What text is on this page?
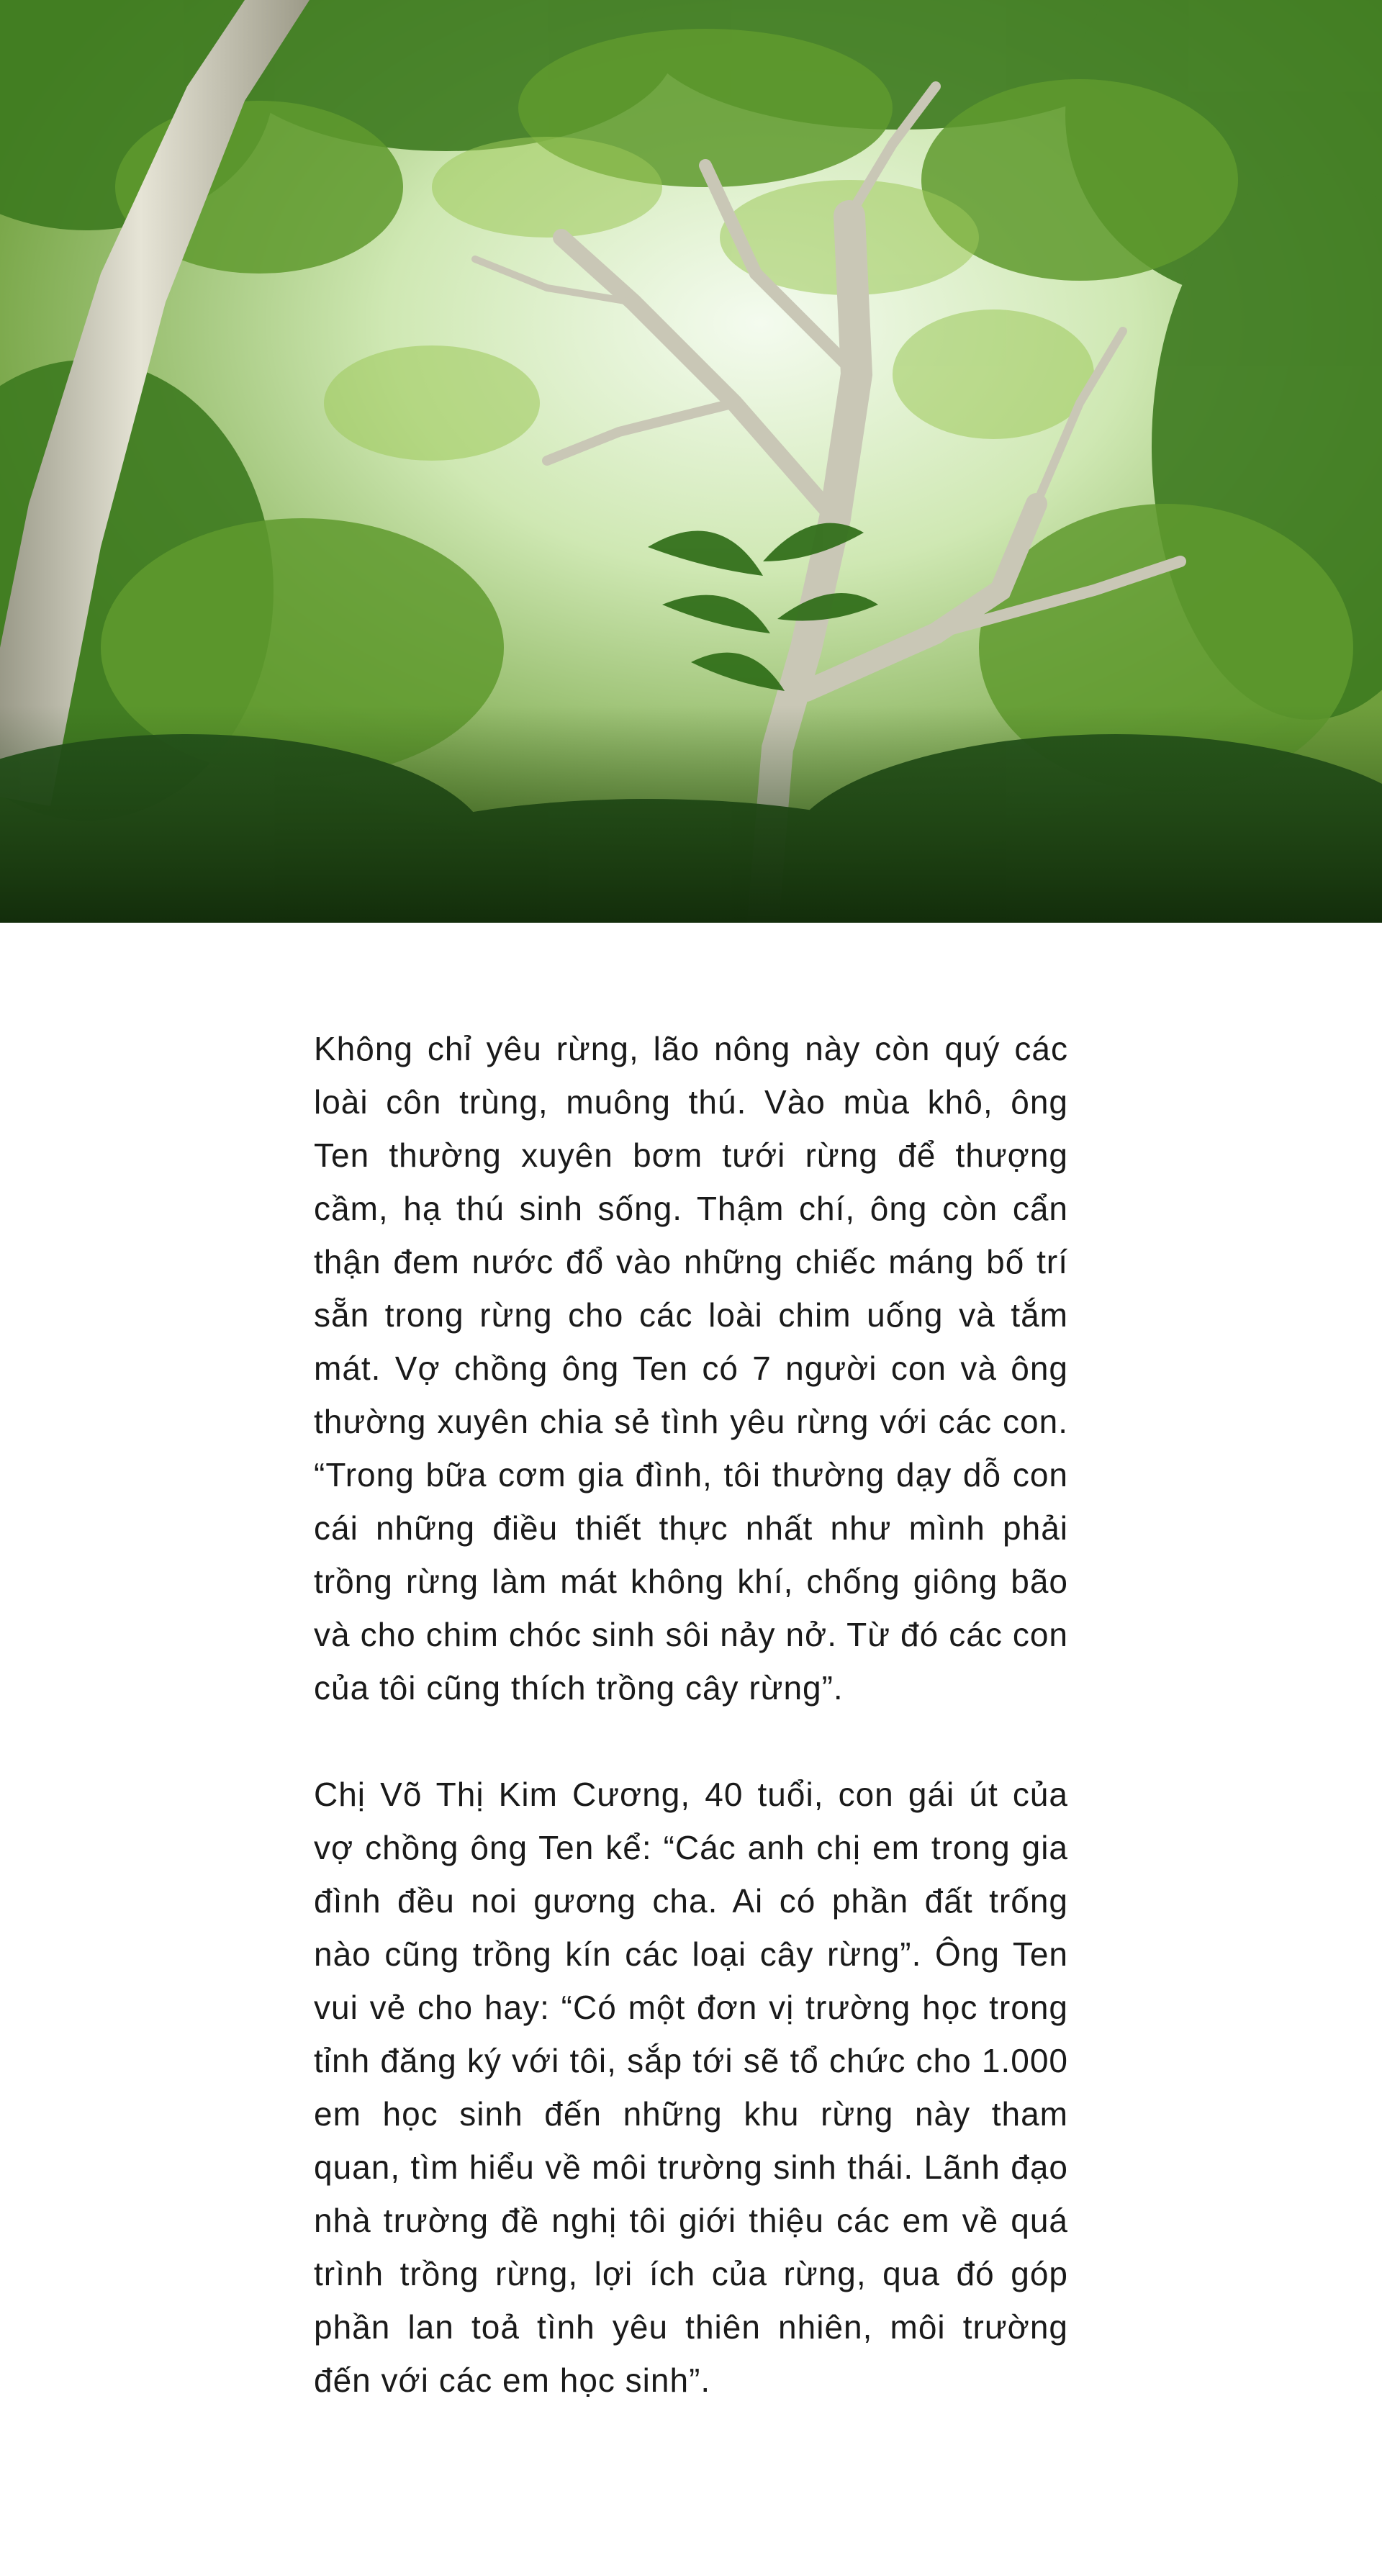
Không chỉ yêu rừng, lão nông này còn quý các loài côn trùng, muông thú. Vào mùa khô, ông Ten thường xuyên bơm tưới rừng để thượng cầm, hạ thú sinh sống. Thậm chí, ông còn cẩn thận đem nước đổ vào những chiếc máng bố trí sẵn trong rừng cho các loài chim uống và tắm mát. Vợ chồng ông Ten có 7 người con và ông thường xuyên chia sẻ tình yêu rừng với các con. “Trong bữa cơm gia đình, tôi thường dạy dỗ con cái những điều thiết thực nhất như mình phải trồng rừng làm mát không khí, chống giông bão và cho chim chóc sinh sôi nảy nở. Từ đó các con của tôi cũng thích trồng cây rừng”.

Chị Võ Thị Kim Cương, 40 tuổi, con gái út của vợ chồng ông Ten kể: “Các anh chị em trong gia đình đều noi gương cha. Ai có phần đất trống nào cũng trồng kín các loại cây rừng”. Ông Ten vui vẻ cho hay: “Có một đơn vị trường học trong tỉnh đăng ký với tôi, sắp tới sẽ tổ chức cho 1.000 em học sinh đến những khu rừng này tham quan, tìm hiểu về môi trường sinh thái. Lãnh đạo nhà trường đề nghị tôi giới thiệu các em về quá trình trồng rừng, lợi ích của rừng, qua đó góp phần lan toả tình yêu thiên nhiên, môi trường đến với các em học sinh”.
